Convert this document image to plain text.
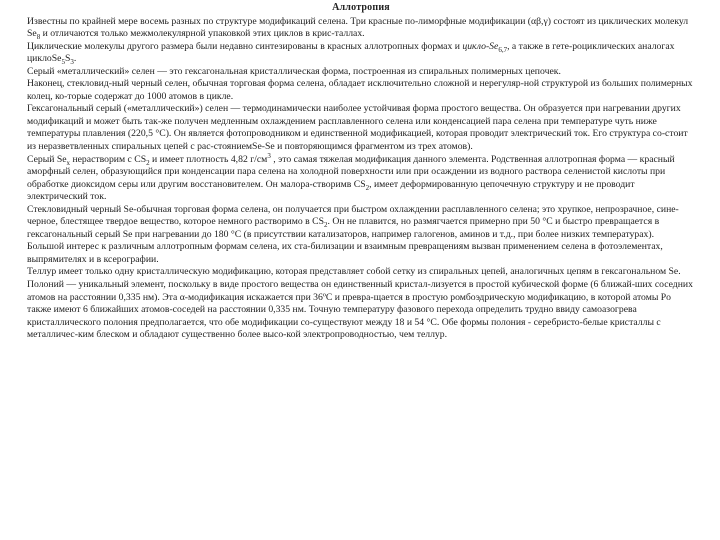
Аллотропия

Известны по крайней мере восемь разных по структуре модификаций селена. Три красные по-лиморфные модификации (αβ,γ) состоят из циклических молекул $Se_8$ и отличаются только межмолекулярной упаковкой этих циклов в крис-таллах.

Циклические молекулы другого размера были недавно синтезированы в красных аллотропных формах и цикло-$Se_{6,7}$, а также в гете-роциклических аналогах $циклоSe_5S_3$.

Серый «металлический» селен — это гексагональная кристаллическая форма, построенная из спиральных полимерных цепочек.

Наконец, стекловид-ный черный селен, обычная торговая форма селена, обладает исключительно сложной и нерегуляр-ной структурой из больших полимерных колец, ко-торые содержат до 1000 атомов в цикле.

Гексагональный серый («металлический») селен — термодинамически наиболее устойчивая форма простого вещества. Он образуется при нагревании других модификаций и может быть так-же получен медленным охлаждением расплавленного селена или конденсацией пара селена при температуре чуть ниже температуры плавления (220,5 °C). Он является фотопроводником и единственной модификацией, которая проводит электрический ток. Его структура со-стоит из неразветвленных спиральных цепей с рас-стояниемSe-Se и повторяющимся фрагментом из трех атомов).

Серый $Se_x$ нерастворим с $CS_2$ и имеет плотность 4,82 $г/см^3$ , это самая тяжелая модификация данного элемента. Родственная аллотропная форма — красный аморфный селен, образующийся при конденсации пара селена на холодной поверхности или при осаждении из водного раствора селенистой кислоты при обработке диоксидом серы или другим восстановителем. Он малора-створимв $CS_2$, имеет деформированную цепочечную структуру и не проводит электрический ток.

Стекловидный черный Se-обычная торговая форма селена, он получается при быстром охлаждении расплавленного селена; это хрупкое, непрозрачное, сине-черное, блестящее твердое вещество, которое немного растворимо в $CS_2$. Он не плавится, но размягчается примерно при 50 °C и быстро превращается в гексагональный серый Se при нагревании до 180 °C (в присутствии катализаторов, например галогенов, аминов и т.д., при более низких температурах).

Большой интерес к различным аллотропным формам селена, их ста-билизации и взаимным превращениям вызван применением селена в фотоэлементах, выпрямителях и в ксерографии.

Теллур имеет только одну кристаллическую модификацию, которая представляет собой сетку из спиральных цепей, аналогичных цепям в гексагональном Se.

Полоний — уникальный элемент, поскольку в виде простого вещества он единственный кристал-лизуется в простой кубической форме (6 ближай-ших соседних атомов на расстоянии 0,335 нм). Эта α-модификация искажается при 36ºC и превра-щается в простую ромбоэдрическую модификацию, в которой атомы Po также имеют 6 ближайших атомов-соседей на расстоянии 0,335 нм. Точную температуру фазового перехода определить трудно ввиду самоазогрева кристаллического полония предполагается, что обе модификации со-существуют между 18 и 54 °C. Обе формы полония - серебристо-белые кристаллы с металличес-ким блеском и обладают существенно более высо-кой электропроводностью, чем теллур.
